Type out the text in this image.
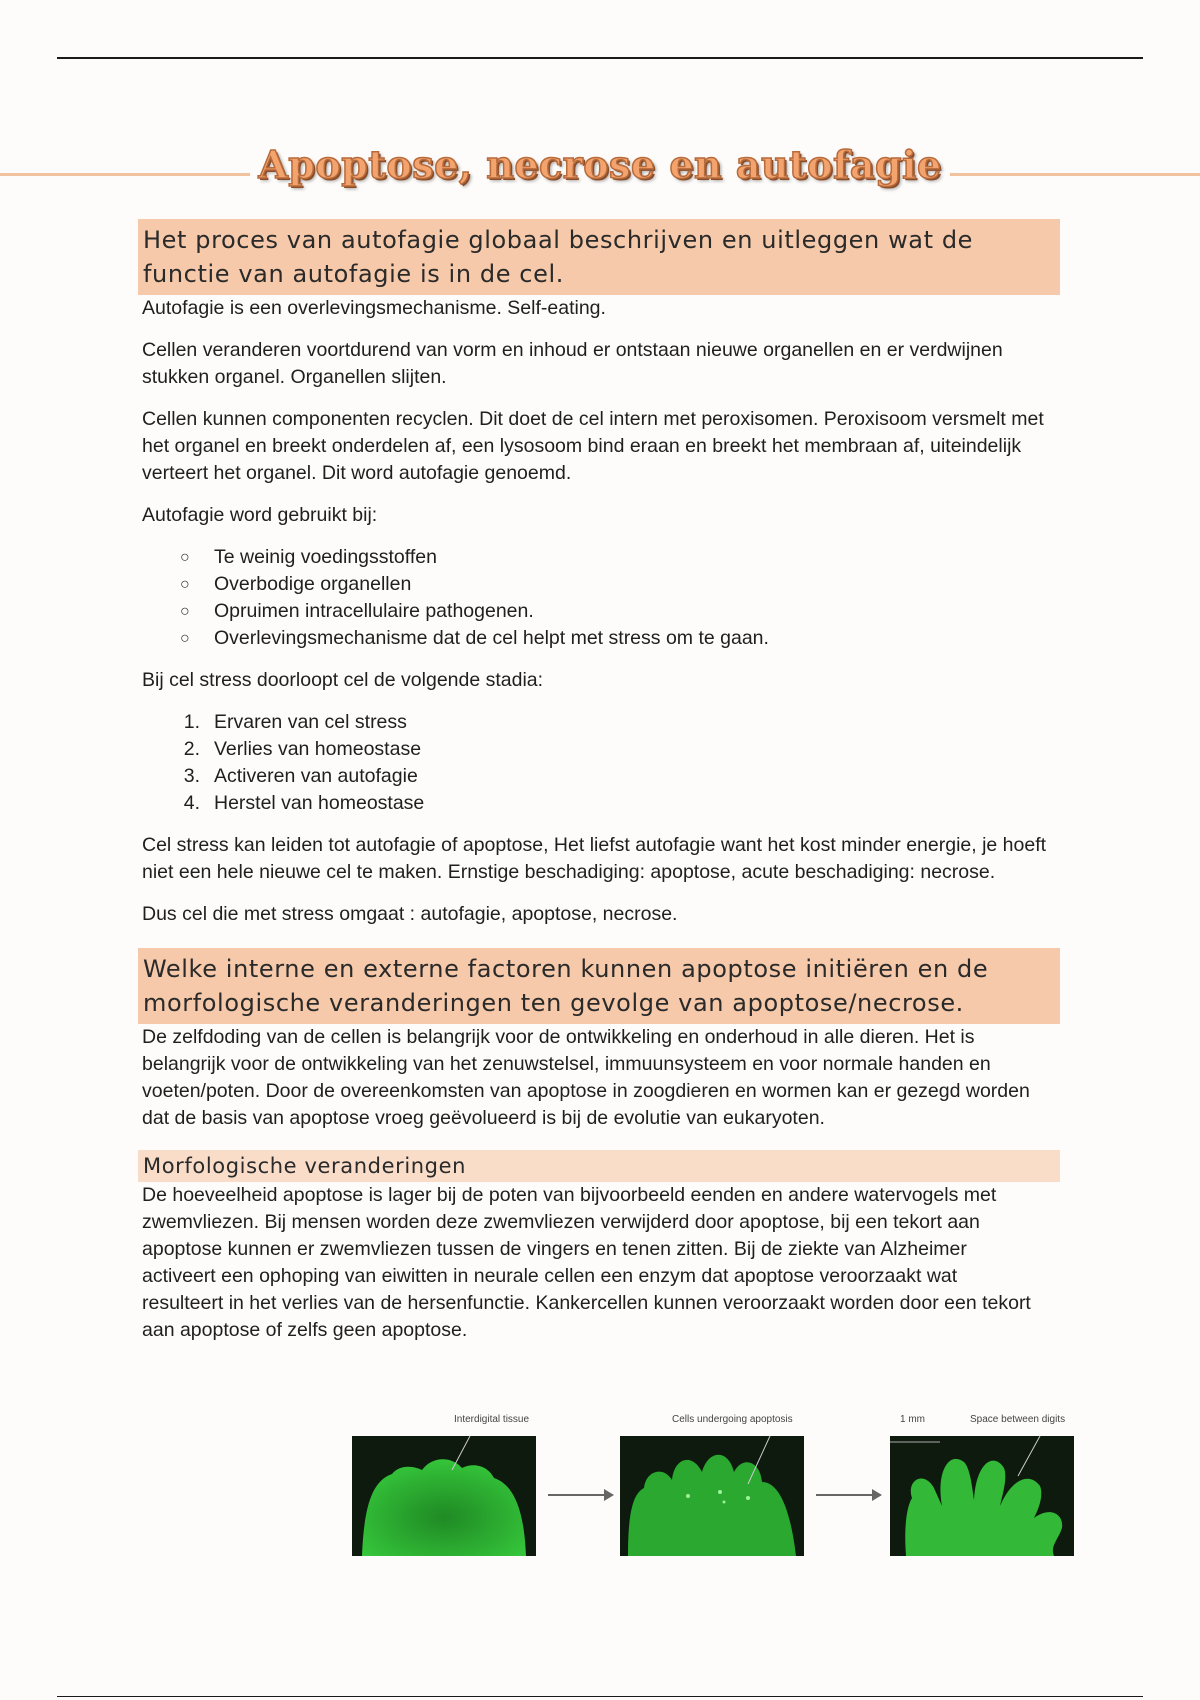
Apoptose, necrose en autofagie
Het proces van autofagie globaal beschrijven en uitleggen wat de functie van autofagie is in de cel.

Autofagie is een overlevingsmechanisme. Self-eating.

Cellen veranderen voortdurend van vorm en inhoud er ontstaan nieuwe organellen en er verdwijnen stukken organel. Organellen slijten.

Cellen kunnen componenten recyclen. Dit doet de cel intern met peroxisomen. Peroxisoom versmelt met het organel en breekt onderdelen af, een lysosoom bind eraan en breekt het membraan af, uiteindelijk verteert het organel. Dit word autofagie genoemd.

Autofagie word gebruikt bij:

○	Te weinig voedingsstoffen
○	Overbodige organellen
○	Opruimen intracellulaire pathogenen.
○	Overlevingsmechanisme dat de cel helpt met stress om te gaan.

Bij cel stress doorloopt cel de volgende stadia:

1. Ervaren van cel stress
2. Verlies van homeostase
3. Activeren van autofagie
4. Herstel van homeostase

Cel stress kan leiden tot autofagie of apoptose, Het liefst autofagie want het kost minder energie, je hoeft niet een hele nieuwe cel te maken. Ernstige beschadiging: apoptose, acute beschadiging: necrose.

Dus cel die met stress omgaat : autofagie, apoptose, necrose.

Welke interne en externe factoren kunnen apoptose initiëren en de morfologische veranderingen ten gevolge van apoptose/necrose.

De zelfdoding van de cellen is belangrijk voor de ontwikkeling en onderhoud in alle dieren. Het is belangrijk voor de ontwikkeling van het zenuwstelsel, immuunsysteem en voor normale handen en voeten/poten. Door de overeenkomsten van apoptose in zoogdieren en wormen kan er gezegd worden dat de basis van apoptose vroeg geëvolueerd is bij de evolutie van eukaryoten.

Morfologische veranderingen

De hoeveelheid apoptose is lager bij de poten van bijvoorbeeld eenden en andere watervogels met zwemvliezen. Bij mensen worden deze zwemvliezen verwijderd door apoptose, bij een tekort aan apoptose kunnen er zwemvliezen tussen de vingers en tenen zitten. Bij de ziekte van Alzheimer activeert een ophoping van eiwitten in neurale cellen een enzym dat apoptose veroorzaakt wat resulteert in het verlies van de hersenfunctie. Kankercellen kunnen veroorzaakt worden door een tekort aan apoptose of zelfs geen apoptose.

Interdigital tissue	Cells undergoing apoptosis	1 mm	Space between digits
